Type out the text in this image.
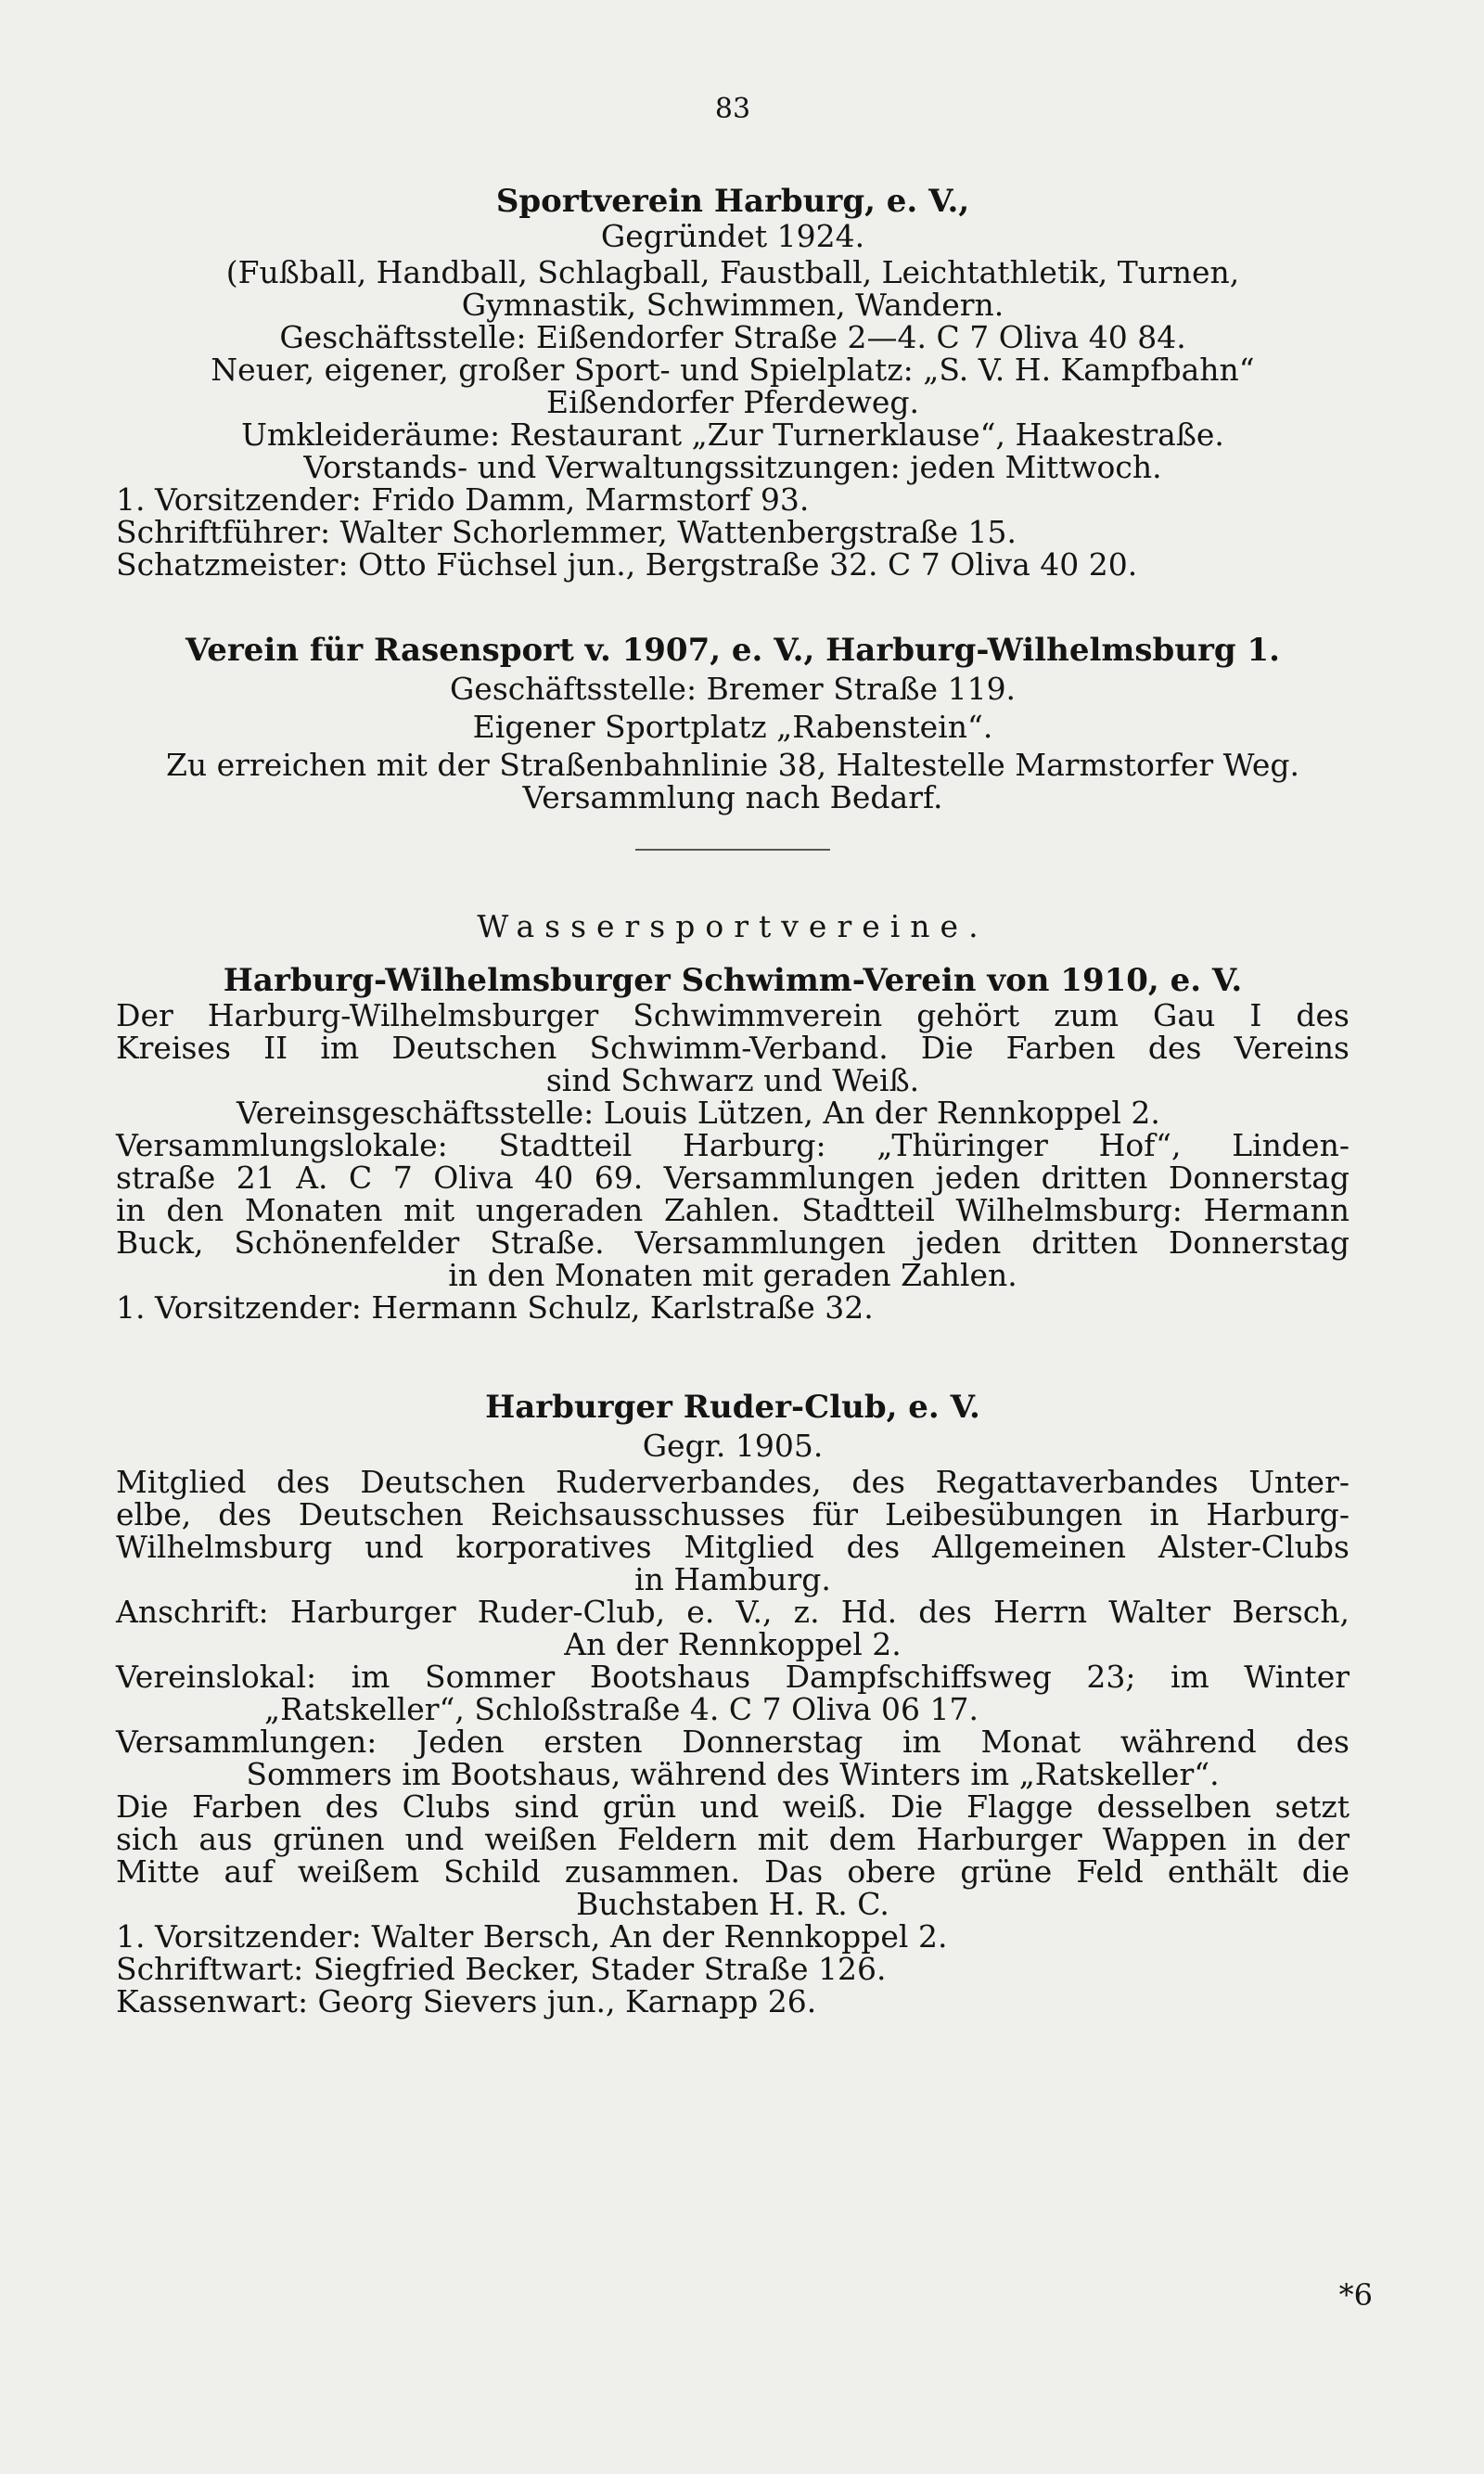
83
Sportverein Harburg, e. V.,
Gegründet 1924.
(Fußball, Handball, Schlagball, Faustball, Leichtathletik, Turnen,
Gymnastik, Schwimmen, Wandern.
Geschäftsstelle: Eißendorfer Straße 2—4. C 7 Oliva 40 84.
Neuer, eigener, großer Sport- und Spielplatz: „S. V. H. Kampfbahn“
Eißendorfer Pferdeweg.
Umkleideräume: Restaurant „Zur Turnerklause“, Haakestraße.
Vorstands- und Verwaltungssitzungen: jeden Mittwoch.
1. Vorsitzender: Frido Damm, Marmstorf 93.
Schriftführer: Walter Schorlemmer, Wattenbergstraße 15.
Schatzmeister: Otto Füchsel jun., Bergstraße 32. C 7 Oliva 40 20.
Verein für Rasensport v. 1907, e. V., Harburg-Wilhelmsburg 1.
Geschäftsstelle: Bremer Straße 119.
Eigener Sportplatz „Rabenstein“.
Zu erreichen mit der Straßenbahnlinie 38, Haltestelle Marmstorfer Weg.
Versammlung nach Bedarf.
Wassersportvereine.
Harburg-Wilhelmsburger Schwimm-Verein von 1910, e. V.
Der Harburg-Wilhelmsburger Schwimmverein gehört zum Gau I des
Kreises II im Deutschen Schwimm-Verband. Die Farben des Vereins
sind Schwarz und Weiß.
Vereinsgeschäftsstelle: Louis Lützen, An der Rennkoppel 2.
Versammlungslokale: Stadtteil Harburg: „Thüringer Hof“, Linden-
straße 21 A. C 7 Oliva 40 69. Versammlungen jeden dritten Donnerstag
in den Monaten mit ungeraden Zahlen. Stadtteil Wilhelmsburg: Hermann
Buck, Schönenfelder Straße. Versammlungen jeden dritten Donnerstag
in den Monaten mit geraden Zahlen.
1. Vorsitzender: Hermann Schulz, Karlstraße 32.
Harburger Ruder-Club, e. V.
Gegr. 1905.
Mitglied des Deutschen Ruderverbandes, des Regattaverbandes Unter-
elbe, des Deutschen Reichsausschusses für Leibesübungen in Harburg-
Wilhelmsburg und korporatives Mitglied des Allgemeinen Alster-Clubs
in Hamburg.
Anschrift: Harburger Ruder-Club, e. V., z. Hd. des Herrn Walter Bersch,
An der Rennkoppel 2.
Vereinslokal: im Sommer Bootshaus Dampfschiffsweg 23; im Winter
„Ratskeller“, Schloßstraße 4. C 7 Oliva 06 17.
Versammlungen: Jeden ersten Donnerstag im Monat während des
Sommers im Bootshaus, während des Winters im „Ratskeller“.
Die Farben des Clubs sind grün und weiß. Die Flagge desselben setzt
sich aus grünen und weißen Feldern mit dem Harburger Wappen in der
Mitte auf weißem Schild zusammen. Das obere grüne Feld enthält die
Buchstaben H. R. C.
1. Vorsitzender: Walter Bersch, An der Rennkoppel 2.
Schriftwart: Siegfried Becker, Stader Straße 126.
Kassenwart: Georg Sievers jun., Karnapp 26.
*6
